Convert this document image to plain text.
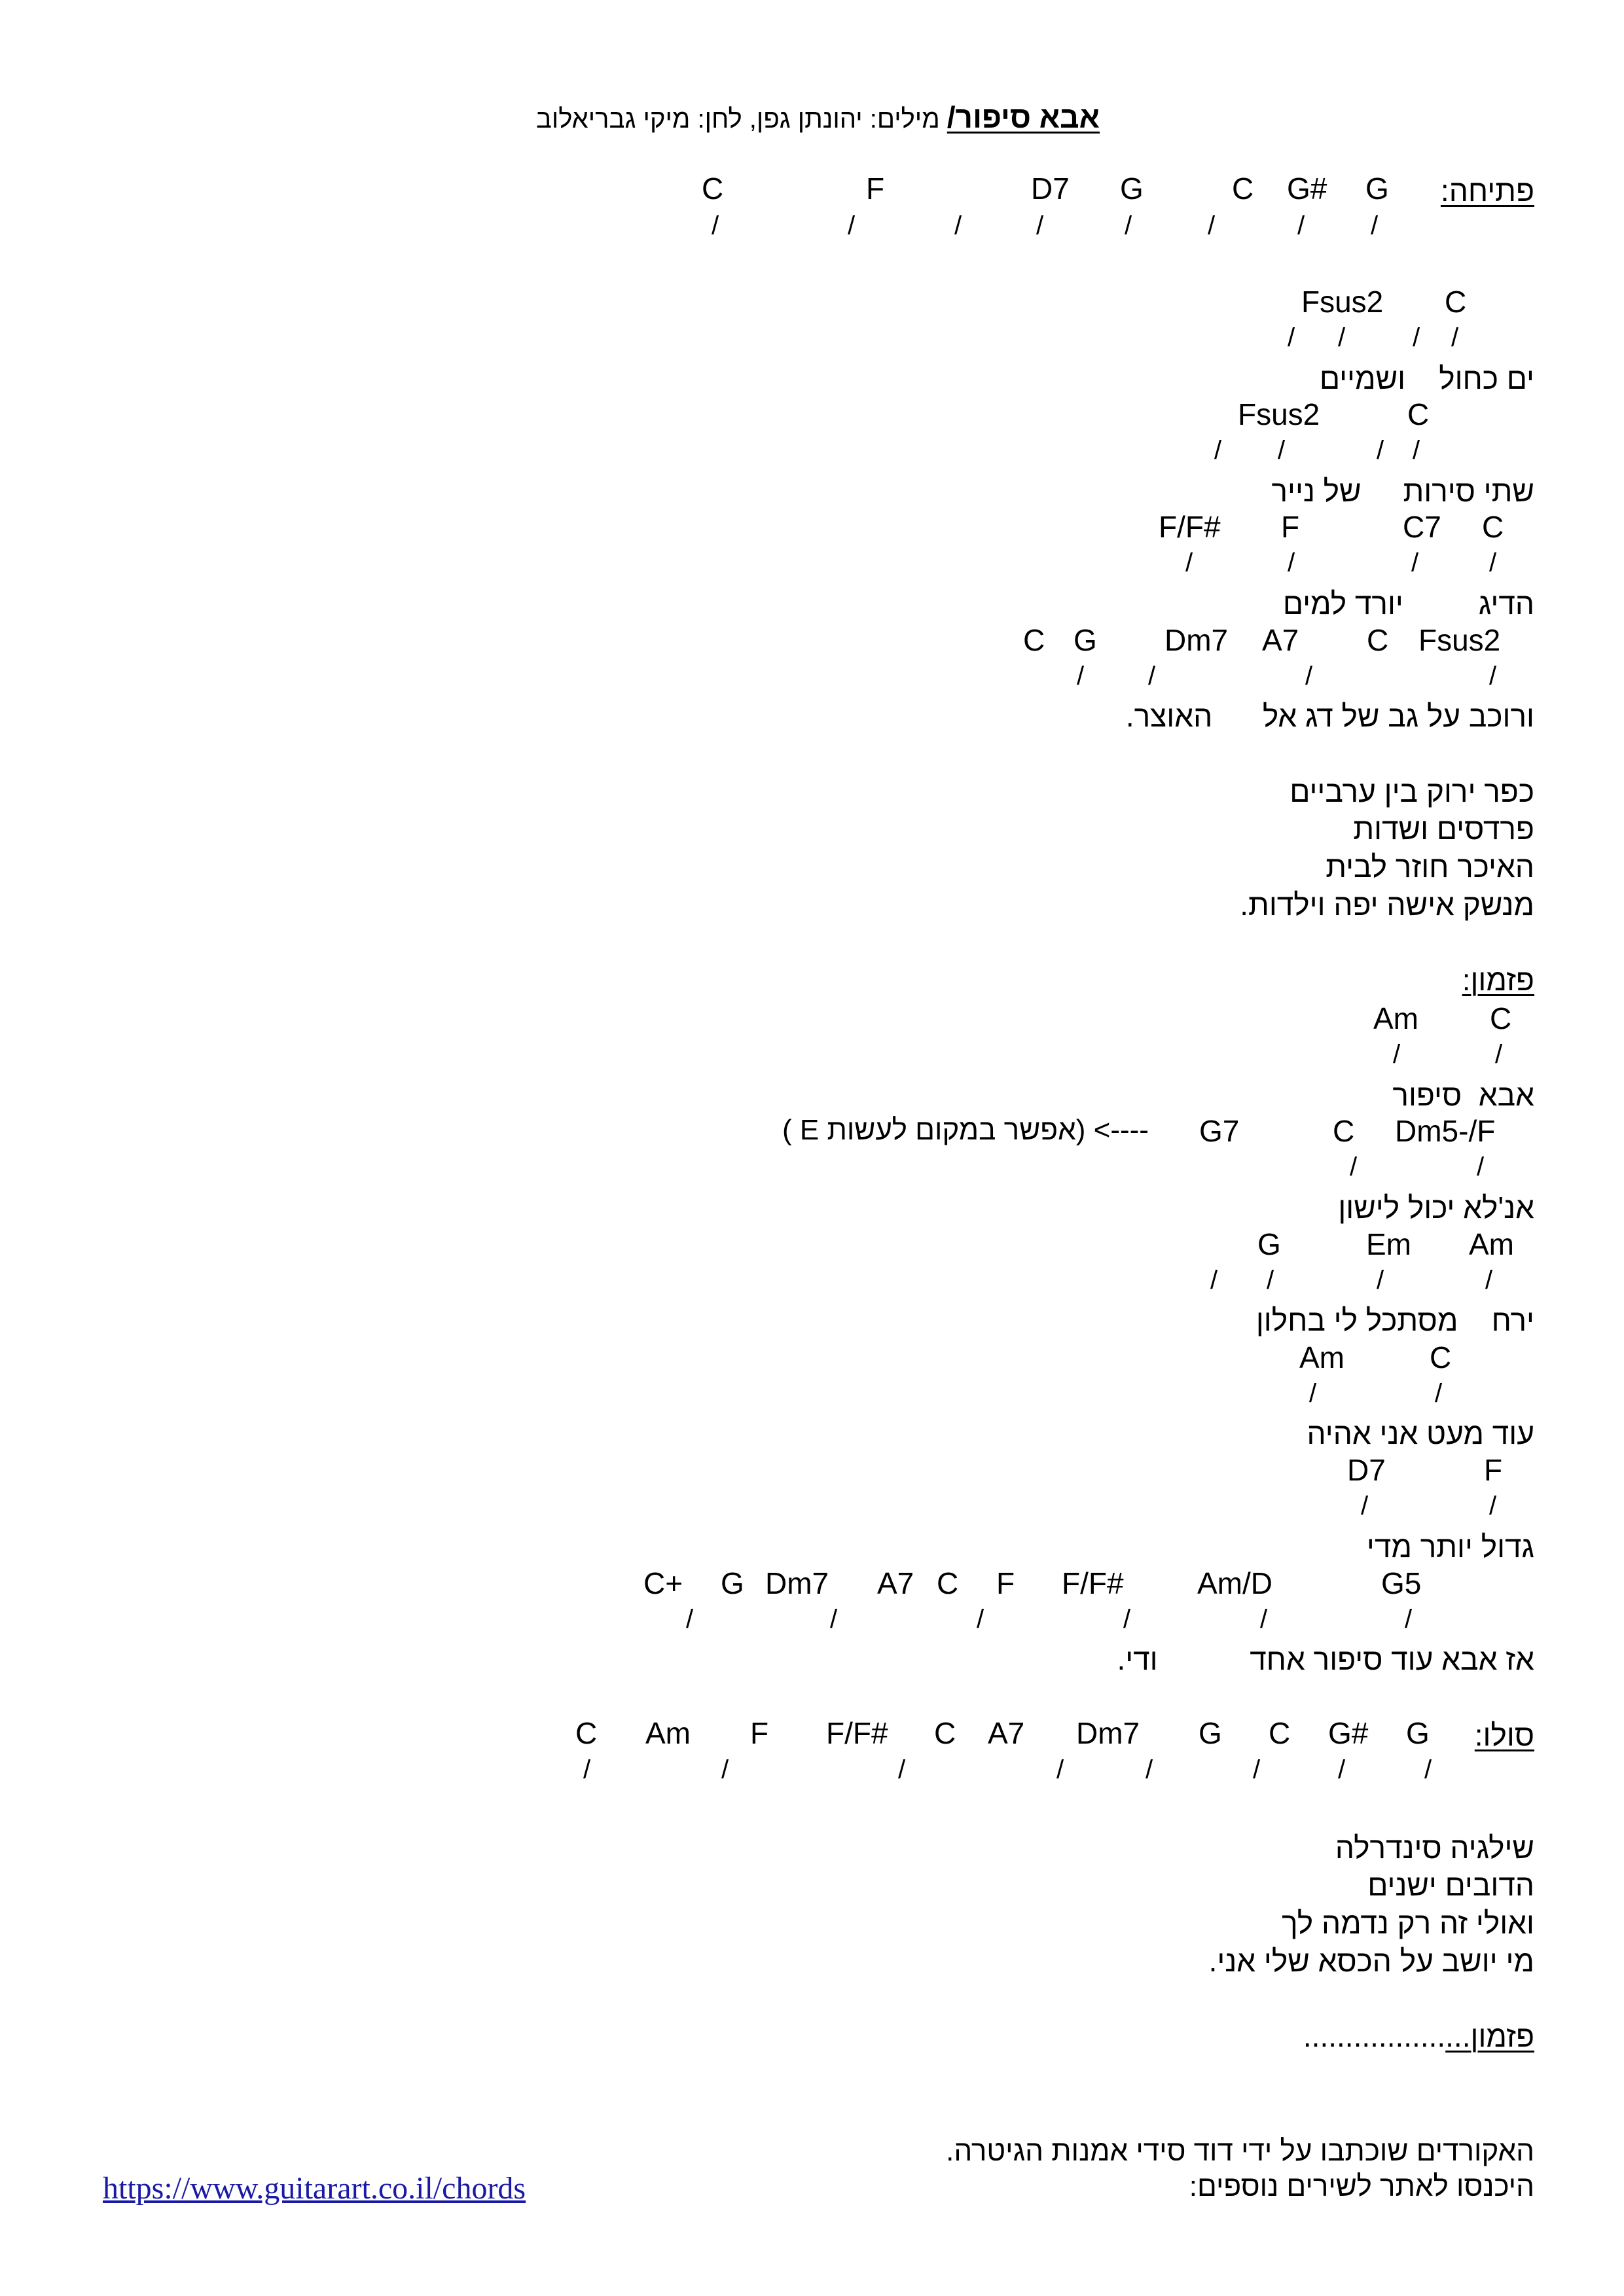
אבא סיפור/ מילים: יהונתן גפן, לחן: מיקי גבריאלוב
פתיחה:
G
G#
C
G
D7
F
C
/
/
/
/
/
/
/
/
C
Fsus2
/
/
/
/
ים כחול    ושמיים
C
Fsus2
/
/
/
/
שתי סירות     של נייר
C
C7
F
F/F#
/
/
/
/
הדיג         יורד למים
Fsus2
C
A7
Dm7
G
C
/
/
/
/
ורוכב על גב של דג אל      האוצר.
כפר ירוק בין ערביים
פרדסים ושדות
האיכר חוזר לבית
מנשק אישה יפה וילדות.
פזמון:
C
Am
/
/
אבא  סיפור
Dm5-/F
C
G7
( E אפשר במקום לעשות) <----
/
/
אנ'לא יכול לישון
Am
Em
G
/
/
/
/
ירח    מסתכל לי בחלון
C
Am
/
/
עוד מעט אני אהיה
F
D7
/
/
גדול יותר מדי
G5
Am/D
F/F#
F
C
A7
Dm7
G
C+
/
/
/
/
/
/
אז אבא עוד סיפור אחד           ודי.
סולו:
G
G#
C
G
Dm7
A7
C
F/F#
F
Am
C
/
/
/
/
/
/
/
/
שילגיה סינדרלה
הדובים ישנים
ואולי זה רק נדמה לך
מי יושב על הכסא שלי אני.
פזמון....................
האקורדים שוכתבו על ידי דוד סידי אמנות הגיטרה.
היכנסו לאתר לשירים נוספים:
https://www.guitarart.co.il/chords
